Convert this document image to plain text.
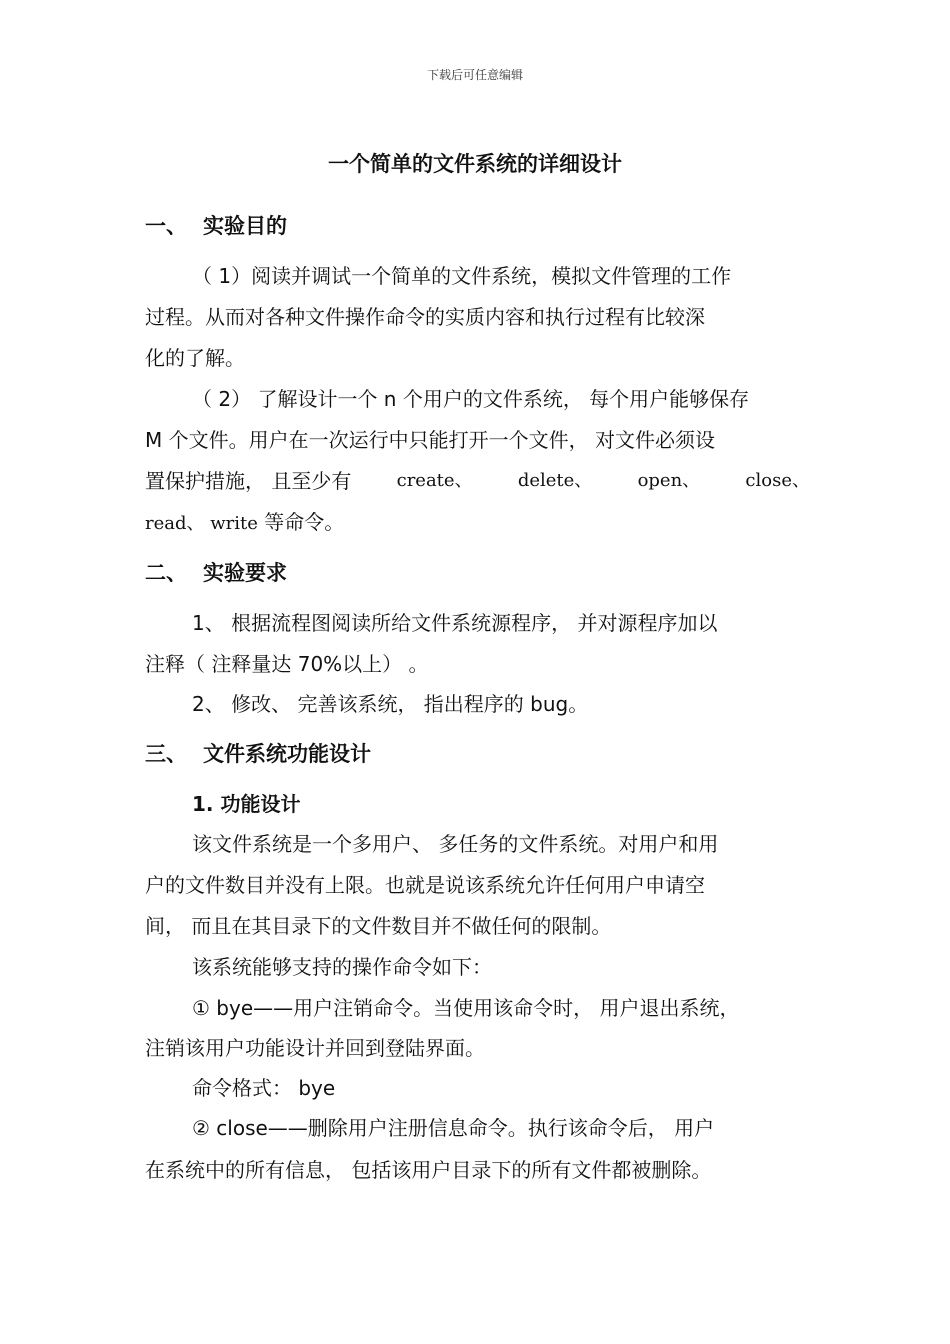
下载后可任意编辑
一个简单的文件系统的详细设计
一、 实验目的
（ 1）阅读并调试一个简单的文件系统，模拟文件管理的工作
过程。从而对各种文件操作命令的实质内容和执行过程有比较深
化的了解。
（ 2） 了解设计一个 n 个用户的文件系统， 每个用户能够保存
M 个文件。用户在一次运行中只能打开一个文件， 对文件必须设
置保护措施， 且至少有	create、	delete、	open、	close、
read、 write 等命令。
二、 实验要求
1、 根据流程图阅读所给文件系统源程序， 并对源程序加以
注释（ 注释量达 70%以上） 。
2、 修改、 完善该系统， 指出程序的 bug。
三、 文件系统功能设计
1. 功能设计
该文件系统是一个多用户、 多任务的文件系统。对用户和用
户的文件数目并没有上限。也就是说该系统允许任何用户申请空
间， 而且在其目录下的文件数目并不做任何的限制。
该系统能够支持的操作命令如下：
① bye——用户注销命令。当使用该命令时， 用户退出系统，
注销该用户功能设计并回到登陆界面。
命令格式： bye
② close——删除用户注册信息命令。执行该命令后， 用户
在系统中的所有信息， 包括该用户目录下的所有文件都被删除。
